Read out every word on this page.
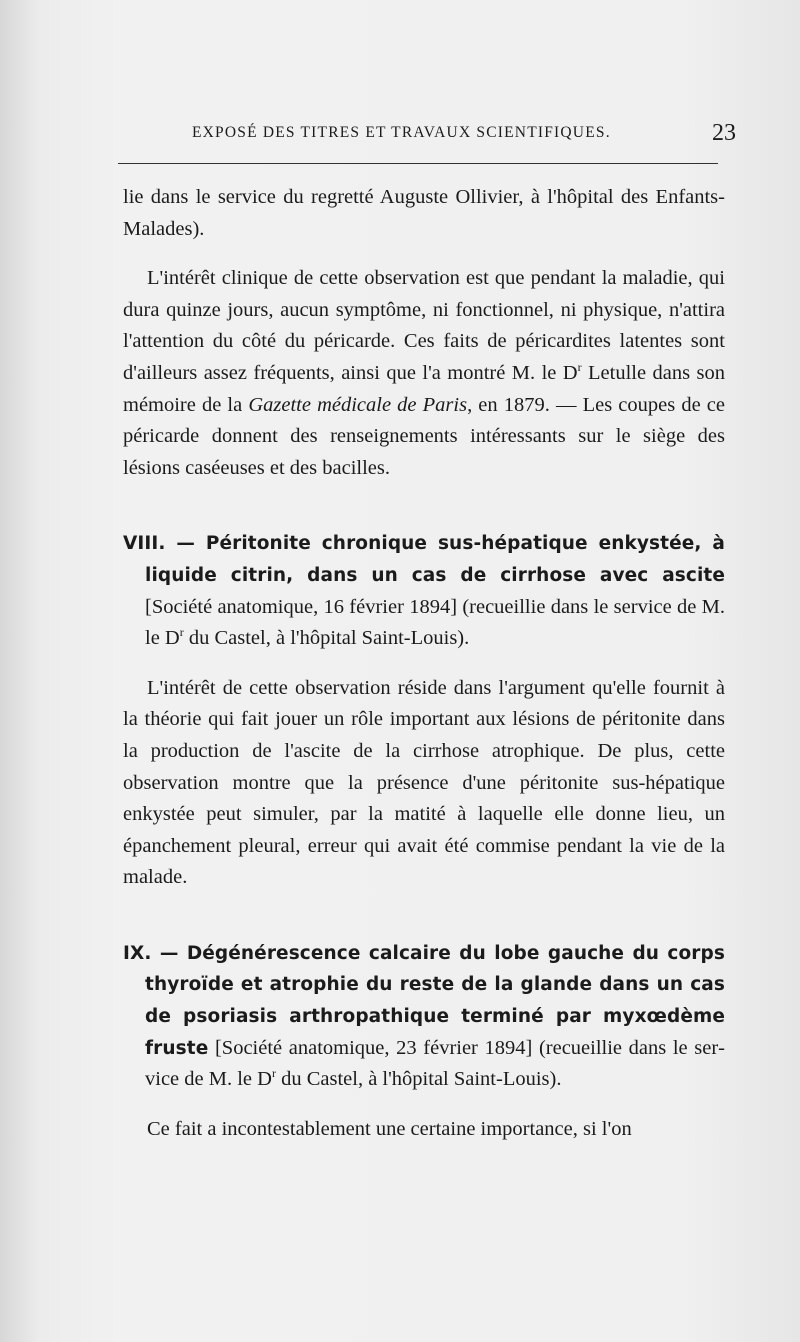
EXPOSÉ DES TITRES ET TRAVAUX SCIENTIFIQUES.	23

lie dans le service du regretté Auguste Ollivier, à l'hôpital des Enfants-Malades).

L'intérêt clinique de cette observation est que pendant la maladie, qui dura quinze jours, aucun symptôme, ni fonctionnel, ni physique, n'attira l'attention du côté du péricarde. Ces faits de péricardites latentes sont d'ailleurs assez fréquents, ainsi que l'a montré M. le $D^r$ Letulle dans son mémoire de la Gazette médicale de Paris, en 1879. — Les coupes de ce péricarde donnent des renseignements intéressants sur le siège des lésions caséeuses et des bacilles.

VIII. — Péritonite chronique sus-hépatique enkystée, à liquide citrin, dans un cas de cirrhose avec ascite [Société anatomique, 16 février 1894] (recueillie dans le service de M. le $D^r$ du Castel, à l'hôpital Saint-Louis).

L'intérêt de cette observation réside dans l'argument qu'elle fournit à la théorie qui fait jouer un rôle important aux lésions de péritonite dans la production de l'ascite de la cirrhose atrophique. De plus, cette observation montre que la présence d'une péritonite sus-hépatique enkystée peut simuler, par la matité à laquelle elle donne lieu, un épanchement pleural, erreur qui avait été commise pendant la vie de la malade.

IX. — Dégénérescence calcaire du lobe gauche du corps thyroïde et atrophie du reste de la glande dans un cas de psoriasis arthropathique terminé par myxœdème fruste [Société anatomique, 23 février 1894] (recueillie dans le service de M. le $D^r$ du Castel, à l'hôpital Saint-Louis).

Ce fait a incontestablement une certaine importance, si l'on
